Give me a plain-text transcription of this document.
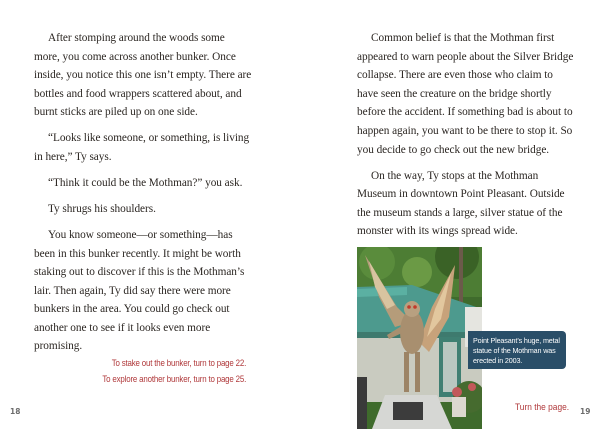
After stomping around the woods some more, you come across another bunker. Once inside, you notice this one isn’t empty. There are bottles and food wrappers scattered about, and burnt sticks are piled up on one side.

“Looks like someone, or something, is living in here,” Ty says.

“Think it could be the Mothman?” you ask.

Ty shrugs his shoulders.

You know someone—or something—has been in this bunker recently. It might be worth staking out to discover if this is the Mothman’s lair. Then again, Ty did say there were more bunkers in the area. You could go check out another one to see if it looks even more promising.

To stake out the bunker, turn to page 22.
To explore another bunker, turn to page 25.
18

Common belief is that the Mothman first appeared to warn people about the Silver Bridge collapse. There are even those who claim to have seen the creature on the bridge shortly before the accident. If something bad is about to happen again, you want to be there to stop it. So you decide to go check out the new bridge.

On the way, Ty stops at the Mothman Museum in downtown Point Pleasant. Outside the museum stands a large, silver statue of the monster with its wings spread wide.

Point Pleasant’s huge, metal statue of the Mothman was erected in 2003.
Turn the page. 19
